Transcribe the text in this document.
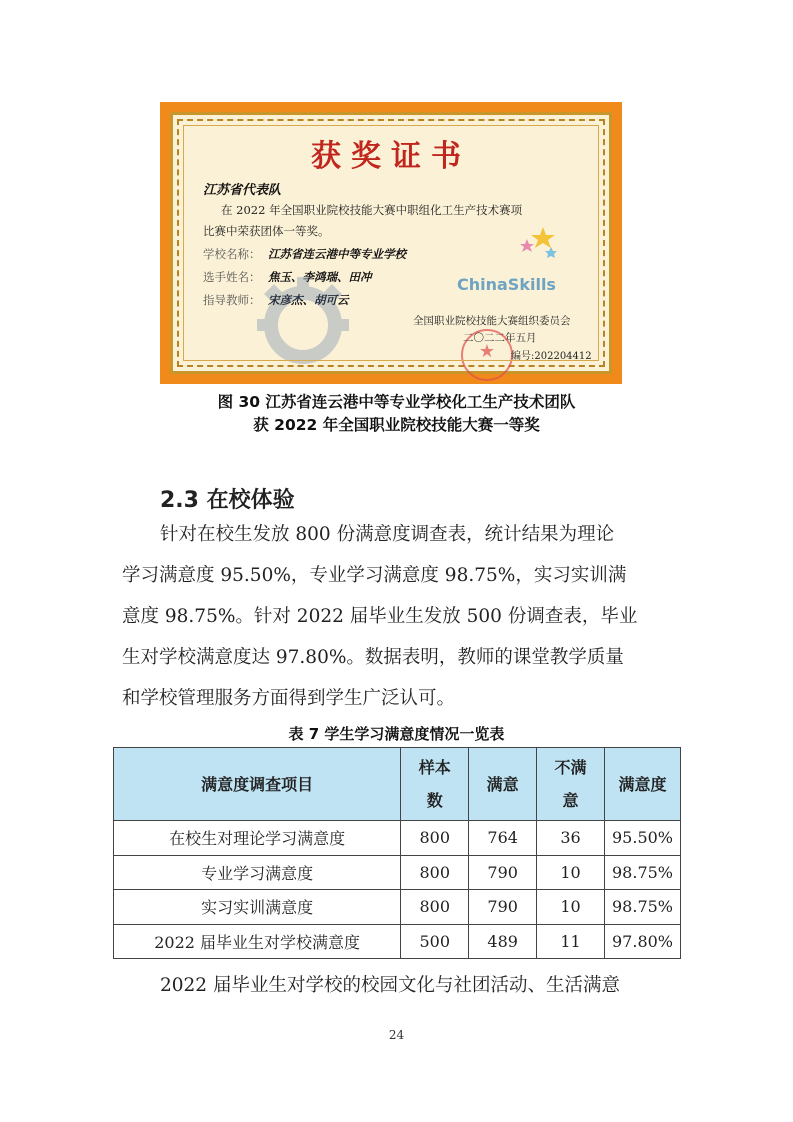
获奖证书
江苏省代表队
在 2022 年全国职业院校技能大赛中职组化工生产技术赛项
比赛中荣获团体一等奖。
学校名称： 江苏省连云港中等专业学校
选手姓名： 焦玉、李鸿瑞、田冲
指导教师： 宋彦杰、胡可云
ChinaSkills
★
全国职业院校技能大赛组织委员会
二〇二二年五月
编号:202204412
图 30 江苏省连云港中等专业学校化工生产技术团队
获 2022 年全国职业院校技能大赛一等奖
2.3 在校体验
针对在校生发放 800 份满意度调查表，统计结果为理论
学习满意度 95.50%，专业学习满意度 98.75%，实习实训满
意度 98.75%。针对 2022 届毕业生发放 500 份调查表，毕业
生对学校满意度达 97.80%。数据表明，教师的课堂教学质量
和学校管理服务方面得到学生广泛认可。
表 7 学生学习满意度情况一览表
满意度调查项目	样本数	满意	不满意	满意度
在校生对理论学习满意度	800	764	36	95.50%
专业学习满意度	800	790	10	98.75%
实习实训满意度	800	790	10	98.75%
2022 届毕业生对学校满意度	500	489	11	97.80%
2022 届毕业生对学校的校园文化与社团活动、生活满意
24
